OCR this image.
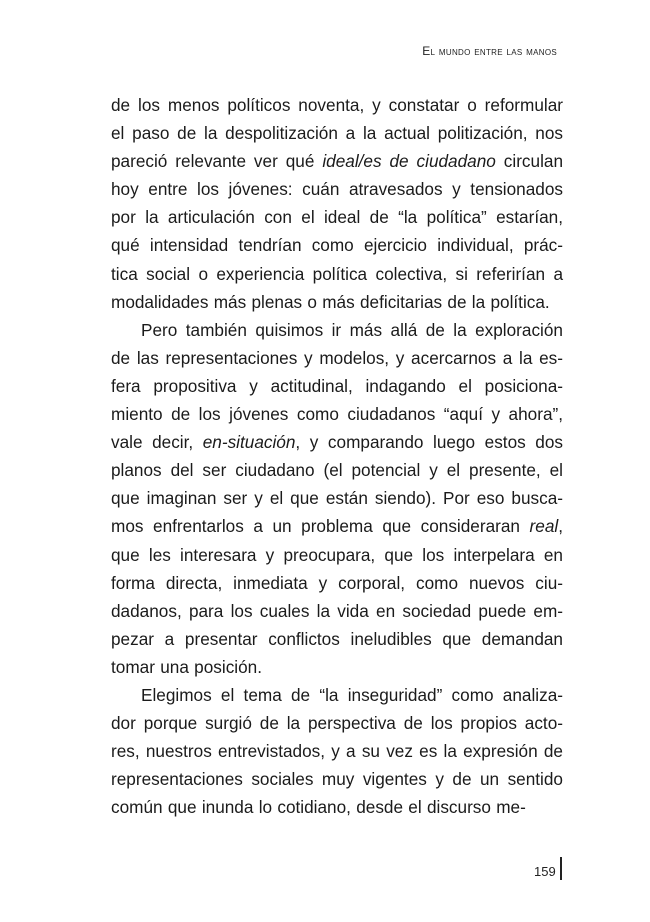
El mundo entre las manos

de los menos políticos noventa, y constatar o reformular
el paso de la despolitización a la actual politización, nos
pareció relevante ver qué ideal/es de ciudadano circulan
hoy entre los jóvenes: cuán atravesados y tensionados
por la articulación con el ideal de “la política” estarían,
qué intensidad tendrían como ejercicio individual, prác-
tica social o experiencia política colectiva, si referirían a
modalidades más plenas o más deficitarias de la política.

Pero también quisimos ir más allá de la exploración
de las representaciones y modelos, y acercarnos a la es-
fera propositiva y actitudinal, indagando el posiciona-
miento de los jóvenes como ciudadanos “aquí y ahora”,
vale decir, en-situación, y comparando luego estos dos
planos del ser ciudadano (el potencial y el presente, el
que imaginan ser y el que están siendo). Por eso busca-
mos enfrentarlos a un problema que consideraran real,
que les interesara y preocupara, que los interpelara en
forma directa, inmediata y corporal, como nuevos ciu-
dadanos, para los cuales la vida en sociedad puede em-
pezar a presentar conflictos ineludibles que demandan
tomar una posición.

Elegimos el tema de “la inseguridad” como analiza-
dor porque surgió de la perspectiva de los propios acto-
res, nuestros entrevistados, y a su vez es la expresión de
representaciones sociales muy vigentes y de un sentido
común que inunda lo cotidiano, desde el discurso me-

159
